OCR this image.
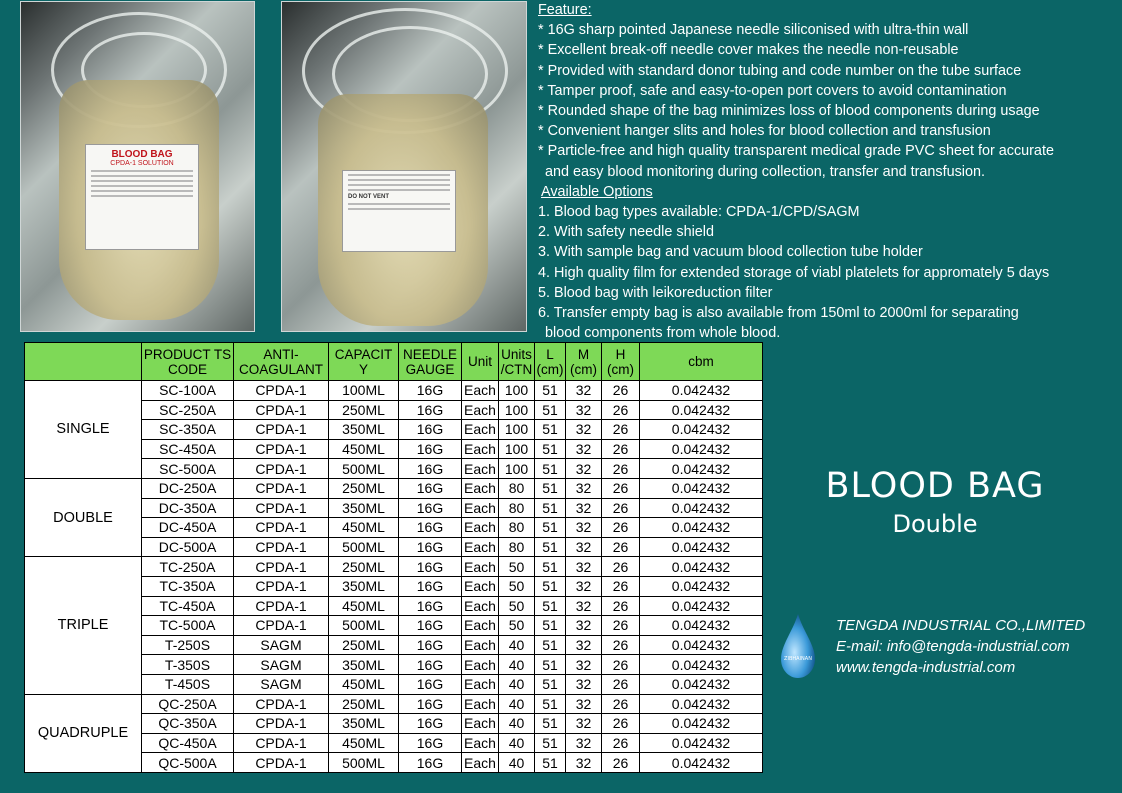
BLOOD BAG
CPDA-1 SOLUTION
DO NOT VENT

Feature:

* 16G sharp pointed Japanese needle siliconised with ultra-thin wall

* Excellent break-off needle cover makes the needle non-reusable

* Provided with standard donor tubing and code number on the tube surface

* Tamper proof, safe and easy-to-open port covers to avoid contamination

* Rounded shape of the bag minimizes loss of blood components during usage

* Convenient hanger slits and holes for blood collection and transfusion

* Particle-free and high quality transparent medical grade PVC sheet for accurate

and easy blood monitoring during collection, transfer and transfusion.

Available Options

1. Blood bag types available: CPDA-1/CPD/SAGM

2. With safety needle shield

3. With sample bag and vacuum blood collection tube holder

4. High quality film for extended storage of viabl platelets for appromately 5 days

5. Blood bag with leikoreduction filter

6. Transfer empty bag is also available from 150ml to 2000ml for separating

blood components from whole blood.

	PRODUCT TS CODE	ANTI-COAGULANT	CAPACIT Y	NEEDLE GAUGE	Unit	Units /CTN	L (cm)	M (cm)	H (cm)	cbm
SINGLE	SC-100A	CPDA-1	100ML	16G	Each	100	51	32	26	0.042432
	SC-250A	CPDA-1	250ML	16G	Each	100	51	32	26	0.042432
	SC-350A	CPDA-1	350ML	16G	Each	100	51	32	26	0.042432
	SC-450A	CPDA-1	450ML	16G	Each	100	51	32	26	0.042432
	SC-500A	CPDA-1	500ML	16G	Each	100	51	32	26	0.042432
DOUBLE	DC-250A	CPDA-1	250ML	16G	Each	80	51	32	26	0.042432
	DC-350A	CPDA-1	350ML	16G	Each	80	51	32	26	0.042432
	DC-450A	CPDA-1	450ML	16G	Each	80	51	32	26	0.042432
	DC-500A	CPDA-1	500ML	16G	Each	80	51	32	26	0.042432
TRIPLE	TC-250A	CPDA-1	250ML	16G	Each	50	51	32	26	0.042432
	TC-350A	CPDA-1	350ML	16G	Each	50	51	32	26	0.042432
	TC-450A	CPDA-1	450ML	16G	Each	50	51	32	26	0.042432
	TC-500A	CPDA-1	500ML	16G	Each	50	51	32	26	0.042432
	T-250S	SAGM	250ML	16G	Each	40	51	32	26	0.042432
	T-350S	SAGM	350ML	16G	Each	40	51	32	26	0.042432
	T-450S	SAGM	450ML	16G	Each	40	51	32	26	0.042432
QUADRUPLE	QC-250A	CPDA-1	250ML	16G	Each	40	51	32	26	0.042432
	QC-350A	CPDA-1	350ML	16G	Each	40	51	32	26	0.042432
	QC-450A	CPDA-1	450ML	16G	Each	40	51	32	26	0.042432
	QC-500A	CPDA-1	500ML	16G	Each	40	51	32	26	0.042432
BLOOD BAG
Double
ZIBHAINAN

TENGDA INDUSTRIAL CO.,LIMITED

E-mail: info@tengda-industrial.com

www.tengda-industrial.com
